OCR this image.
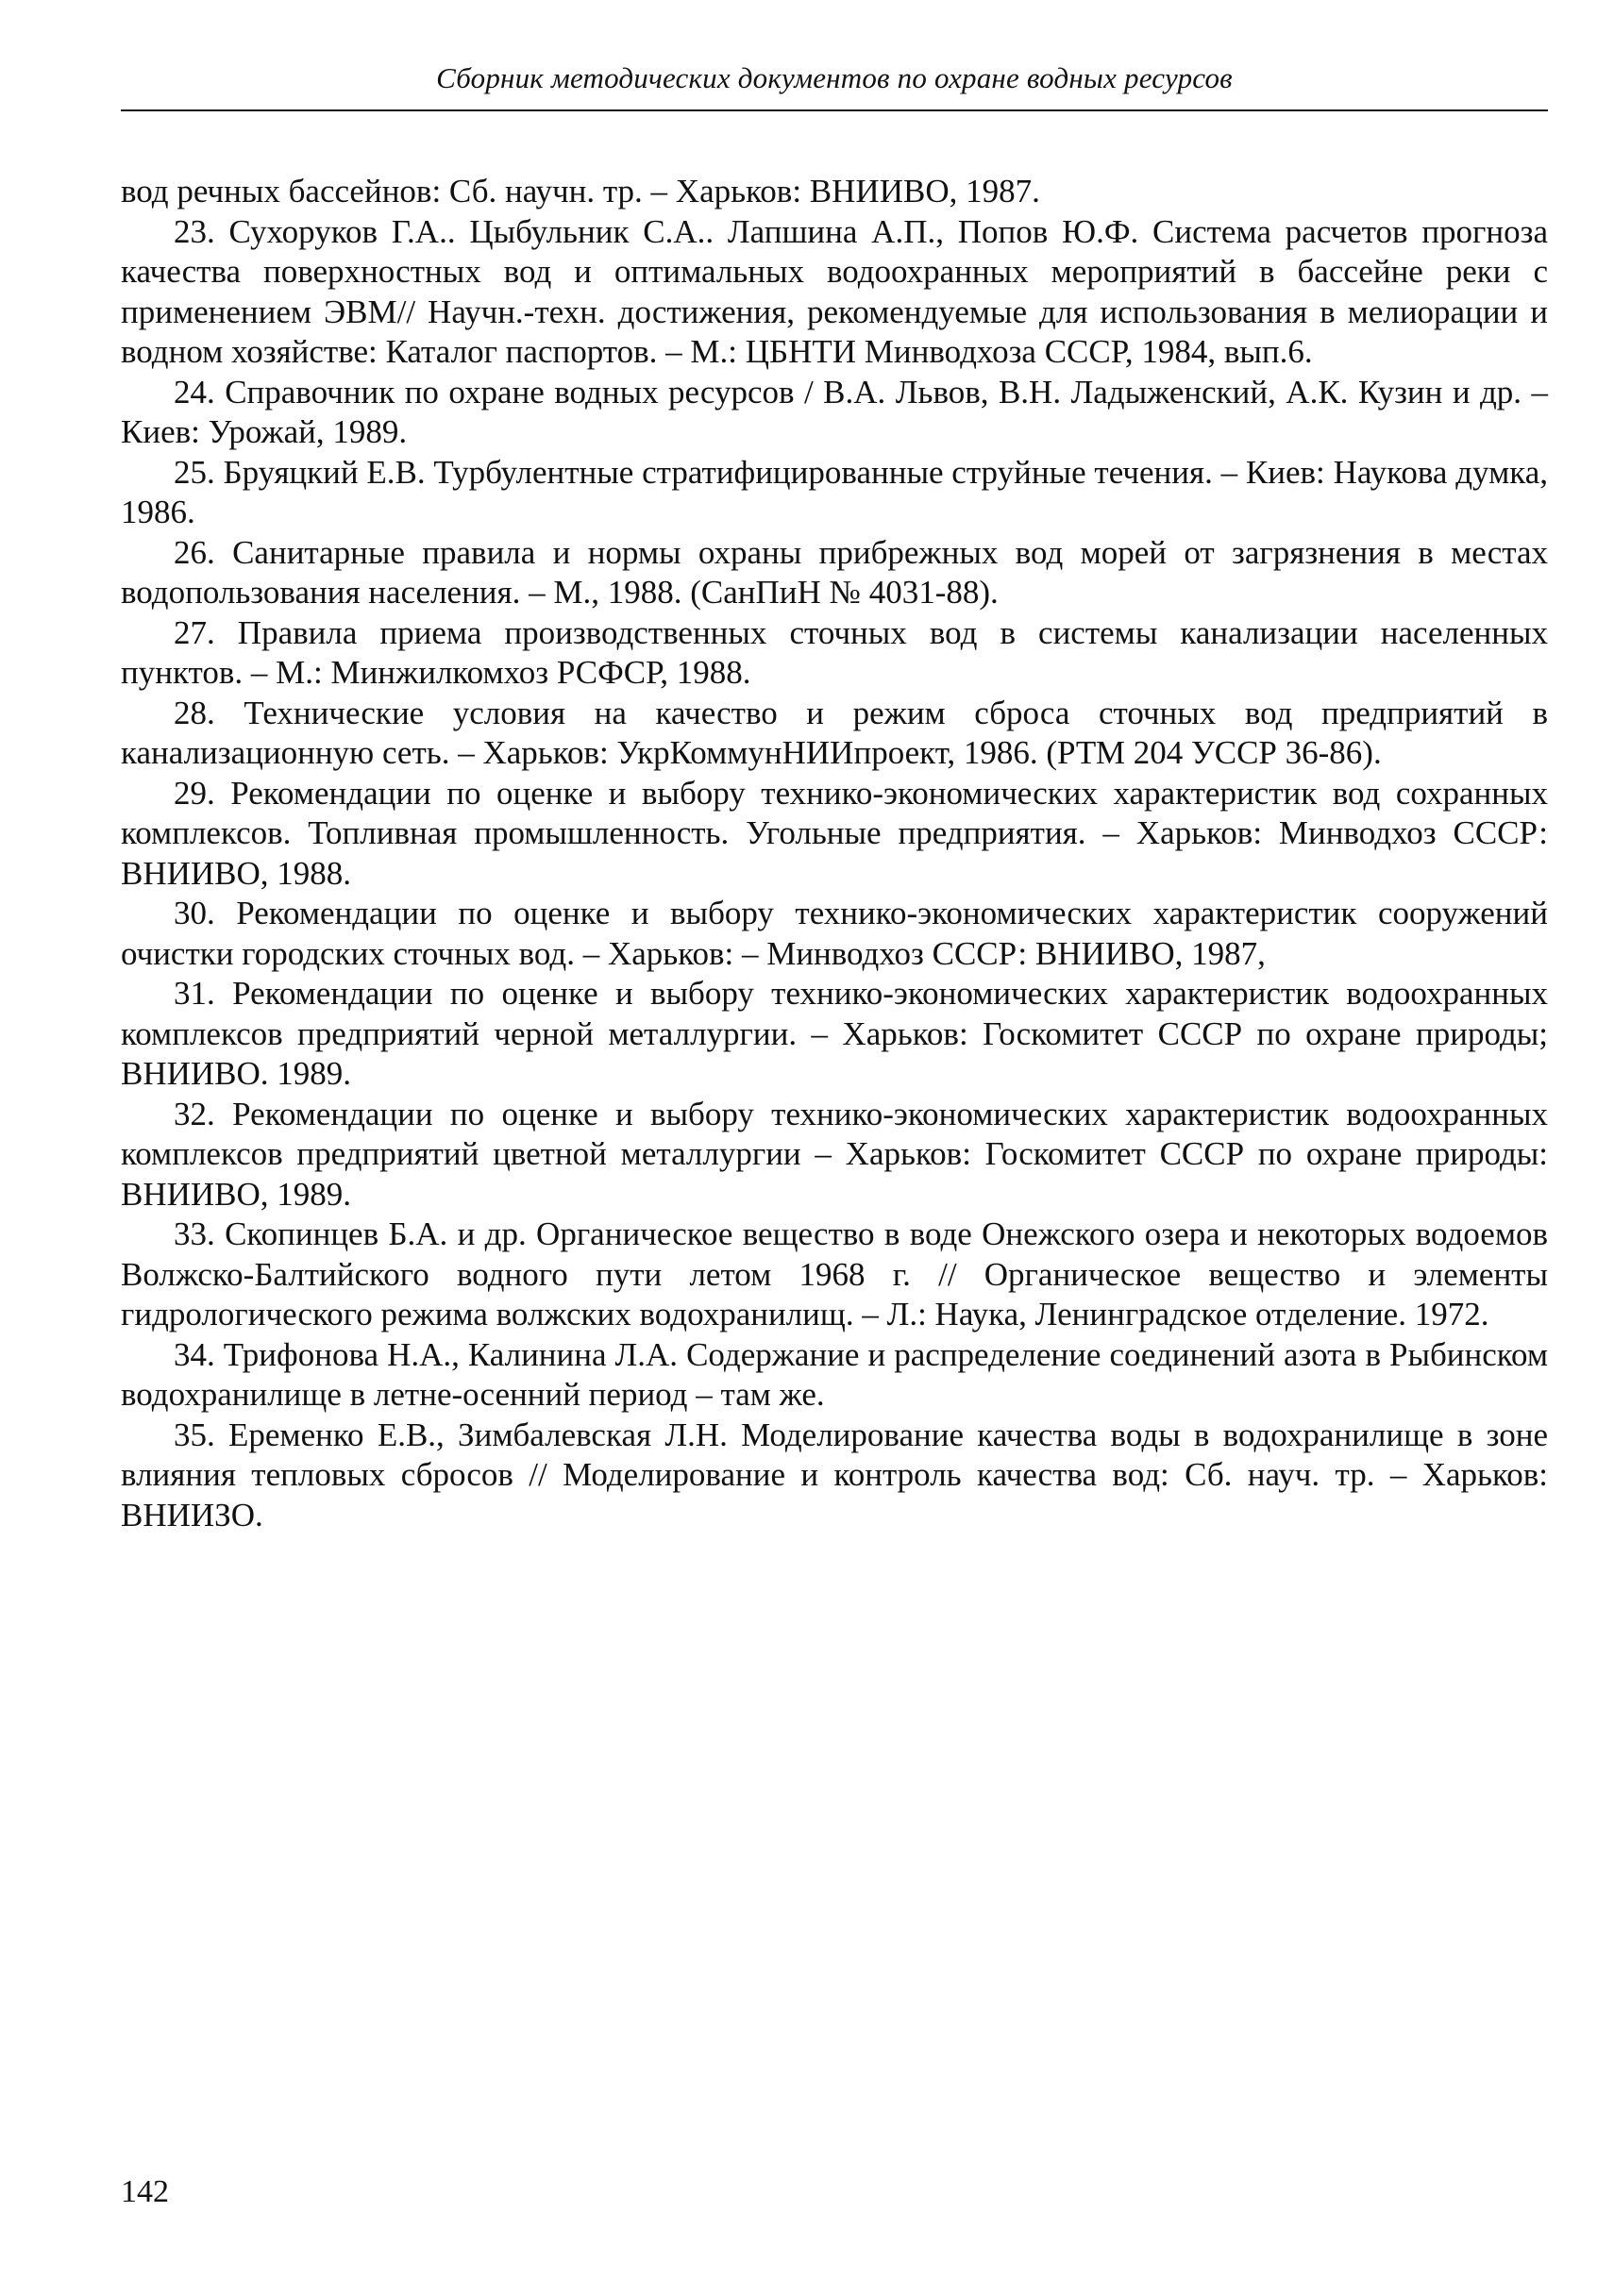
Сборник методических документов по охране водных ресурсов

вод речных бассейнов: Сб. научн. тр. – Харьков: ВНИИВО, 1987.

23. Сухоруков Г.А.. Цыбульник С.А.. Лапшина А.П., Попов Ю.Ф. Система расчетов прогноза качества поверхностных вод и оптимальных водоохранных мероприятий в бассейне реки с применением ЭВМ// Научн.-техн. достижения, рекомендуемые для использования в мелиорации и водном хозяйстве: Каталог паспортов. – М.: ЦБНТИ Минводхоза СССР, 1984, вып.6.

24. Справочник по охране водных ресурсов / В.А. Львов, В.Н. Ладыженский, А.К. Кузин и др. – Киев: Урожай, 1989.

25. Бруяцкий Е.В. Турбулентные стратифицированные струйные течения. – Киев: Наукова думка, 1986.

26. Санитарные правила и нормы охраны прибрежных вод морей от загрязнения в местах водопользования населения. – М., 1988. (СанПиН № 4031-88).

27. Правила приема производственных сточных вод в системы канализации населенных пунктов. – М.: Минжилкомхоз РСФСР, 1988.

28. Технические условия на качество и режим сброса сточных вод предприятий в канализационную сеть. – Харьков: УкрКоммунНИИпроект, 1986. (РТМ 204 УССР 36-86).

29. Рекомендации по оценке и выбору технико-экономических характеристик вод сохранных комплексов. Топливная промышленность. Угольные предприятия. – Харьков: Минводхоз СССР: ВНИИВО, 1988.

30. Рекомендации по оценке и выбору технико-экономических характеристик сооружений очистки городских сточных вод. – Харьков: – Минводхоз СССР: ВНИИВО, 1987,

31. Рекомендации по оценке и выбору технико-экономических характеристик водоохранных комплексов предприятий черной металлургии. – Харьков: Госкомитет СССР по охране природы; ВНИИВО. 1989.

32. Рекомендации по оценке и выбору технико-экономических характеристик водоохранных комплексов предприятий цветной металлургии – Харьков: Госкомитет СССР по охране природы: ВНИИВО, 1989.

33. Скопинцев Б.А. и др. Органическое вещество в воде Онежского озера и некоторых водоемов Волжско-Балтийского водного пути летом 1968 г. // Органическое вещество и элементы гидрологического режима волжских водохранилищ. – Л.: Наука, Ленинградское отделение. 1972.

34. Трифонова Н.А., Калинина Л.А. Содержание и распределение соединений азота в Рыбинском водохранилище в летне-осенний период – там же.

35. Еременко Е.В., Зимбалевская Л.Н. Моделирование качества воды в водохранилище в зоне влияния тепловых сбросов // Моделирование и контроль качества вод: Сб. науч. тр. – Харьков: ВНИИЗО.

142
